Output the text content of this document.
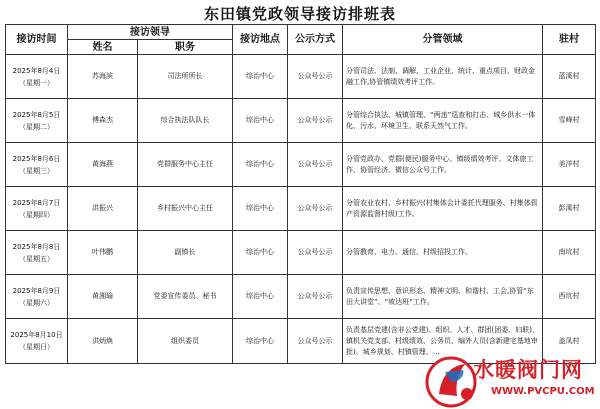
东田镇党政领导接访排班表
接访时间	接访领导		接访地点	公示方式	分管领域	驻村
	姓名	职务				

2025年8月4日
（星期一）	苏海滨	司法所所长	综治中心	公众号公示	分管司法、法制、调解、工业企业、统计、重点项目、财政金融工作,协管镇绩效考评工作。	蓝溪村

2025年8月5日
（星期二）	傅森杰	综合执法队队长	综治中心	公众号公示	分管综合执法、城镇管理、“两违”巡查和打击、城乡供水一体化、污水、环境卫生、联系天然气工作。	雪峰村

2025年8月6日
（星期三）	黄海燕	党群服务中心主任	综治中心	公众号公示	分管党政办、党群(便民)服务中心、镇级绩效考评、文体旅工作、协管经济、微信公众号工作。	美洋村

2025年8月7日
（星期四）	洪振兴	乡村振兴中心主任	综治中心	公众号公示	分管农业农村、乡村振兴(村集体会计委托代理服务、村集体资产资源监督村级)工作。	彭溪村

2025年8月8日
（星期五）	叶伟鹏	副镇长	综治中心	公众号公示	分管教育、电力、通信、村级招投工作。	南坑村

2025年8月9日
（星期六）	黄湘瑜	党委宣传委员、秘书	综治中心	公众号公示	负责宣传思想、意识形态、精神文明、和谐村、工会,协管“东田大讲堂”、“败达班”工作。	西坑村

2025年8月10日
（星期日）	洪炳焕	组织委员	综治中心	公众号公示	负责基层党建(含非公党建)、组织、人才、群团(团委、妇联)、镇机关党支部、村级绩效、公务员、编外人员(含新建宅基地审批)、城乡规划、村镇管理、…	盖凤村
水暖阀门网
WWW.PVCPU.COM
